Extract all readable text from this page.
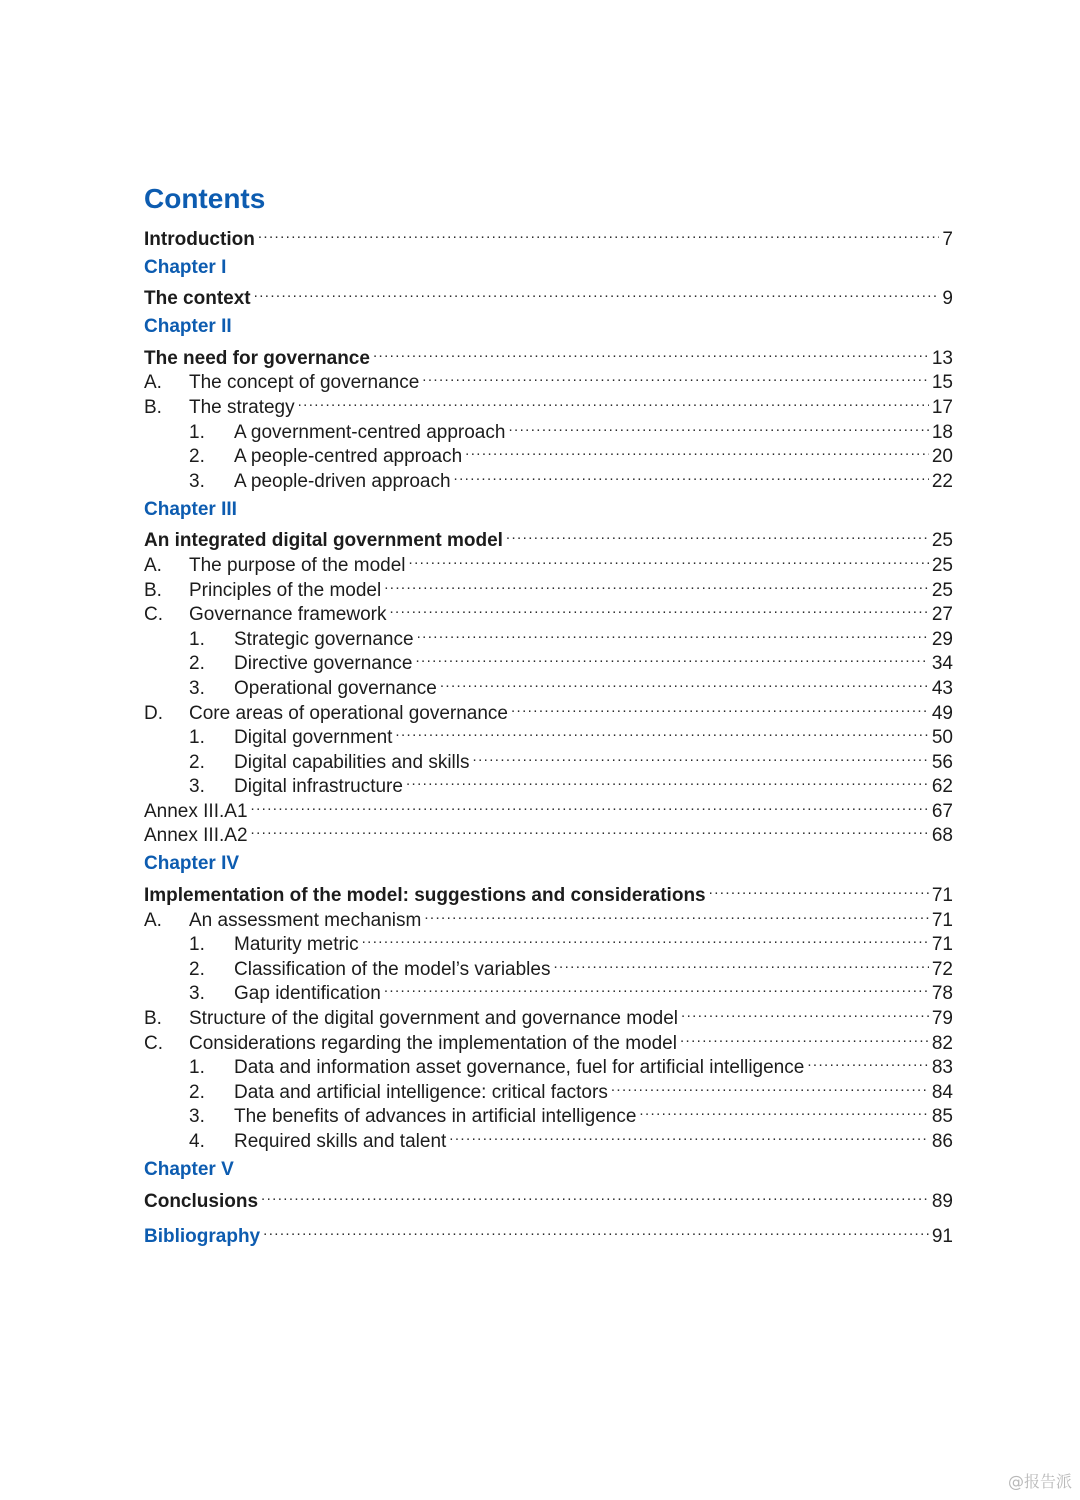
Contents
Introduction .....	7
Chapter I
The context .....	9
Chapter II
The need for governance .....	13
A.	The concept of governance .....	15
B.	The strategy .....	17
1.	A government-centred approach .....	18
2.	A people-centred approach .....	20
3.	A people-driven approach .....	22
Chapter III
An integrated digital government model .....	25
A.	The purpose of the model .....	25
B.	Principles of the model .....	25
C.	Governance framework .....	27
1.	Strategic governance .....	29
2.	Directive governance .....	34
3.	Operational governance .....	43
D.	Core areas of operational governance .....	49
1.	Digital government .....	50
2.	Digital capabilities and skills .....	56
3.	Digital infrastructure .....	62
Annex III.A1 .....	67
Annex III.A2 .....	68
Chapter IV
Implementation of the model: suggestions and considerations .....	71
A.	An assessment mechanism .....	71
1.	Maturity metric .....	71
2.	Classification of the model’s variables .....	72
3.	Gap identification .....	78
B.	Structure of the digital government and governance model .....	79
C.	Considerations regarding the implementation of the model .....	82
1.	Data and information asset governance, fuel for artificial intelligence .....	83
2.	Data and artificial intelligence: critical factors .....	84
3.	The benefits of advances in artificial intelligence .....	85
4.	Required skills and talent .....	86
Chapter V
Conclusions .....	89
Bibliography .....	91
@报告派
